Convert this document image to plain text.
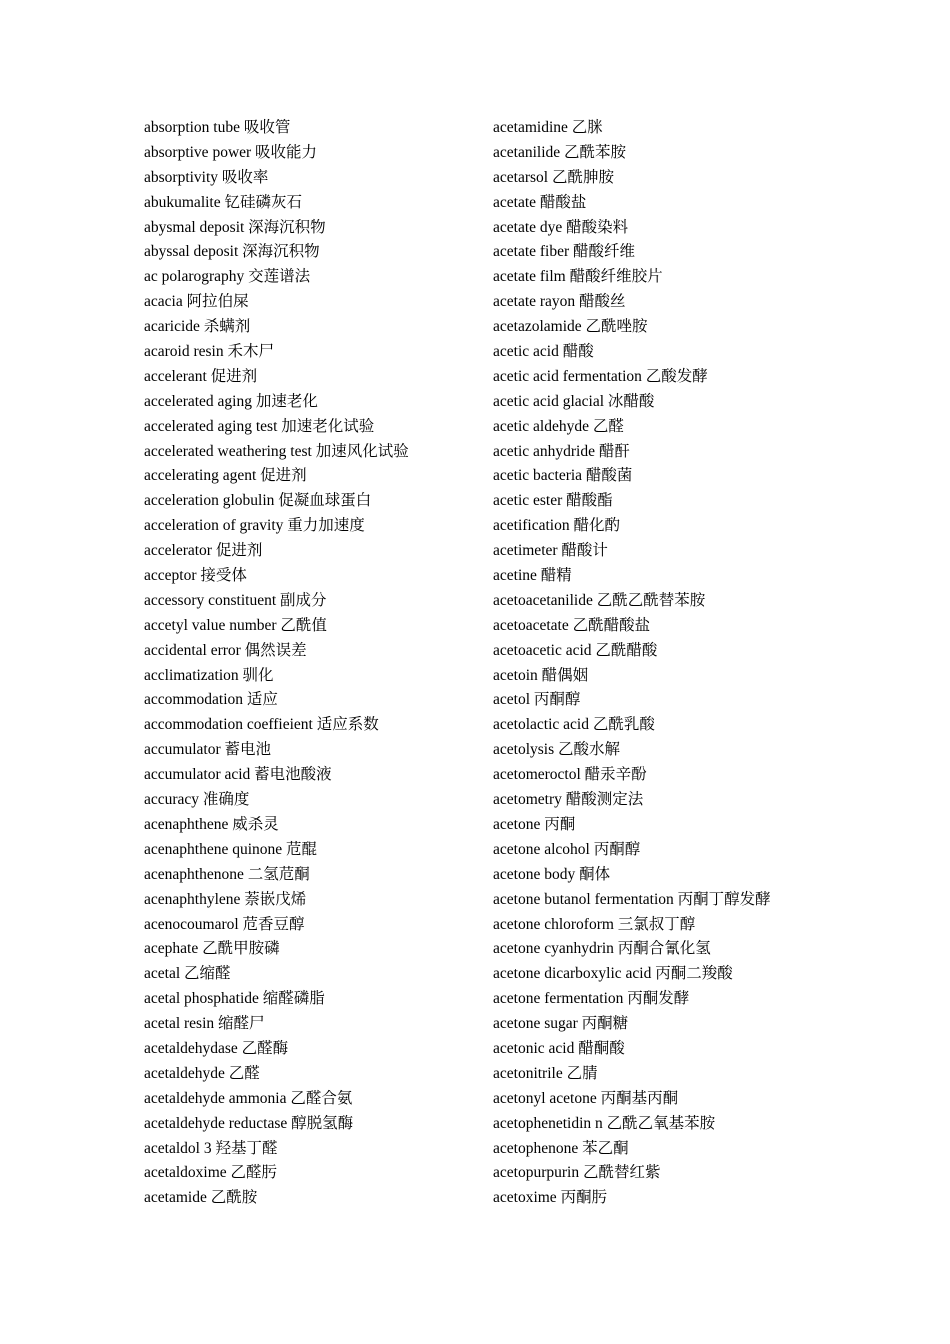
absorption tube 吸收管
absorptive power 吸收能力
absorptivity 吸收率
abukumalite 钇硅磷灰石
abysmal deposit 深海沉积物
abyssal deposit 深海沉积物
ac polarography 交莲谱法
acacia 阿拉伯屎
acaricide 杀螨剂
acaroid resin 禾木尸
accelerant 促进剂
accelerated aging 加速老化
accelerated aging test 加速老化试验
accelerated weathering test 加速风化试验
accelerating agent 促进剂
acceleration globulin 促凝血球蛋白
acceleration of gravity 重力加速度
accelerator 促进剂
acceptor 接受体
accessory constituent 副成分
accetyl value number 乙酰值
accidental error 偶然误差
acclimatization 驯化
accommodation 适应
accommodation coeffieient 适应系数
accumulator 蓄电池
accumulator acid 蓄电池酸液
accuracy 准确度
acenaphthene 威杀灵
acenaphthene quinone 苊醌
acenaphthenone 二氢苊酮
acenaphthylene 萘嵌戊烯
acenocoumarol 苊香豆醇
acephate 乙酰甲胺磷
acetal 乙缩醛
acetal phosphatide 缩醛磷脂
acetal resin 缩醛尸
acetaldehydase 乙醛酶
acetaldehyde 乙醛
acetaldehyde ammonia 乙醛合氨
acetaldehyde reductase 醇脱氢酶
acetaldol 3 羟基丁醛
acetaldoxime 乙醛肟
acetamide 乙酰胺
acetamidine 乙脒
acetanilide 乙酰苯胺
acetarsol 乙酰胂胺
acetate 醋酸盐
acetate dye 醋酸染料
acetate fiber 醋酸纤维
acetate film 醋酸纤维胶片
acetate rayon 醋酸丝
acetazolamide 乙酰唑胺
acetic acid 醋酸
acetic acid fermentation 乙酸发酵
acetic acid glacial 冰醋酸
acetic aldehyde 乙醛
acetic anhydride 醋酐
acetic bacteria 醋酸菌
acetic ester 醋酸酯
acetification 醋化酌
acetimeter 醋酸计
acetine 醋精
acetoacetanilide 乙酰乙酰替苯胺
acetoacetate 乙酰醋酸盐
acetoacetic acid 乙酰醋酸
acetoin 醋偶姻
acetol 丙酮醇
acetolactic acid 乙酰乳酸
acetolysis 乙酸水解
acetomeroctol 醋汞辛酚
acetometry 醋酸测定法
acetone 丙酮
acetone alcohol 丙酮醇
acetone body 酮体
acetone butanol fermentation 丙酮丁醇发酵
acetone chloroform 三氯叔丁醇
acetone cyanhydrin 丙酮合氰化氢
acetone dicarboxylic acid 丙酮二羧酸
acetone fermentation 丙酮发酵
acetone sugar 丙酮糖
acetonic acid 醋酮酸
acetonitrile 乙腈
acetonyl acetone 丙酮基丙酮
acetophenetidin n 乙酰乙氧基苯胺
acetophenone 苯乙酮
acetopurpurin 乙酰替红紫
acetoxime 丙酮肟
